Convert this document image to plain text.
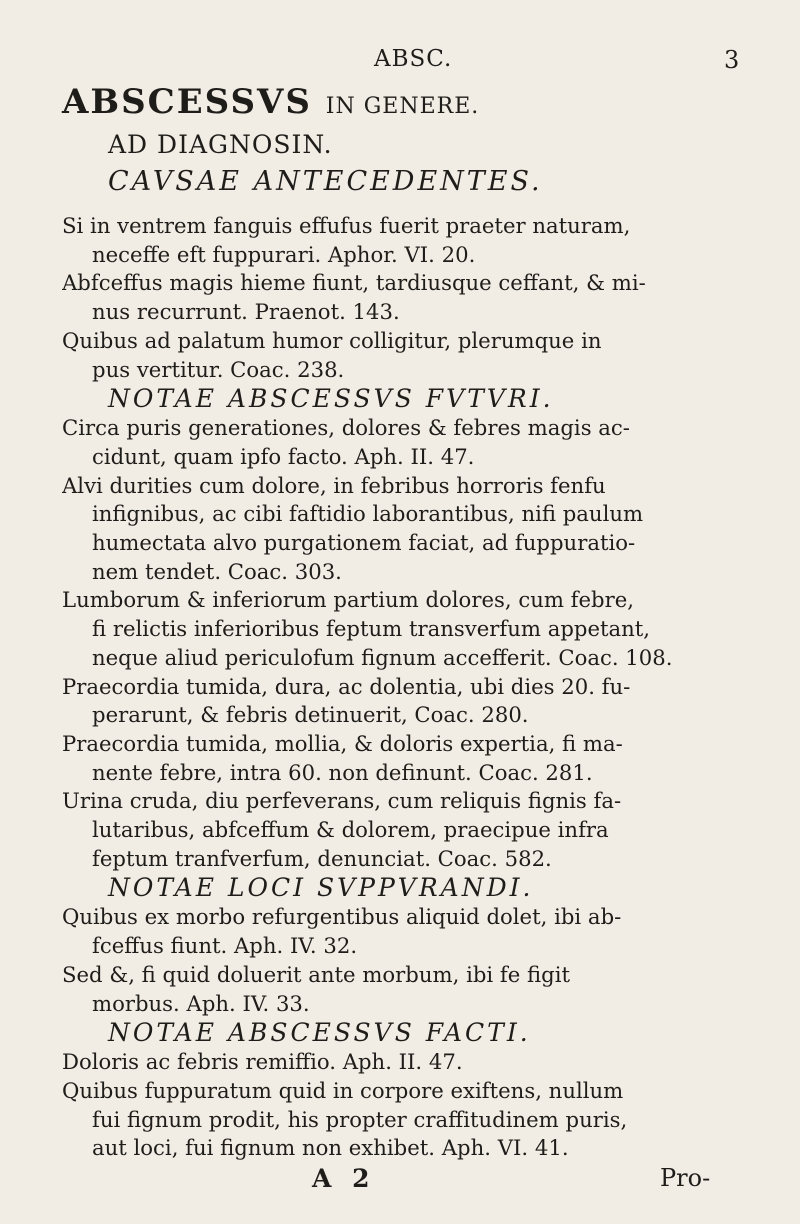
ABSC.	3
ABSCESSVS IN GENERE.
AD DIAGNOSIN.
CAVSAE ANTECEDENTES.
Si in ventrem fanguis effufus fuerit praeter naturam,
neceffe eft fuppurari. Aphor. VI. 20.
Abfceffus magis hieme fiunt, tardiusque ceffant, & mi-
nus recurrunt. Praenot. 143.
Quibus ad palatum humor colligitur, plerumque in
pus vertitur. Coac. 238.
NOTAE ABSCESSVS FVTVRI.
Circa puris generationes, dolores & febres magis ac-
cidunt, quam ipfo facto. Aph. II. 47.
Alvi durities cum dolore, in febribus horroris fenfu
infignibus, ac cibi faftidio laborantibus, nifi paulum
humectata alvo purgationem faciat, ad fuppuratio-
nem tendet. Coac. 303.
Lumborum & inferiorum partium dolores, cum febre,
fi relictis inferioribus feptum transverfum appetant,
neque aliud periculofum fignum accefferit. Coac. 108.
Praecordia tumida, dura, ac dolentia, ubi dies 20. fu-
perarunt, & febris detinuerit, Coac. 280.
Praecordia tumida, mollia, & doloris expertia, fi ma-
nente febre, intra 60. non definunt. Coac. 281.
Urina cruda, diu perfeverans, cum reliquis fignis fa-
lutaribus, abfceffum & dolorem, praecipue infra
feptum tranfverfum, denunciat. Coac. 582.
NOTAE LOCI SVPPVRANDI.
Quibus ex morbo refurgentibus aliquid dolet, ibi ab-
fceffus fiunt. Aph. IV. 32.
Sed &, fi quid doluerit ante morbum, ibi fe figit
morbus. Aph. IV. 33.
NOTAE ABSCESSVS FACTI.
Doloris ac febris remiffio. Aph. II. 47.
Quibus fuppuratum quid in corpore exiftens, nullum
fui fignum prodit, his propter craffitudinem puris,
aut loci, fui fignum non exhibet. Aph. VI. 41.
A 2	Pro-
